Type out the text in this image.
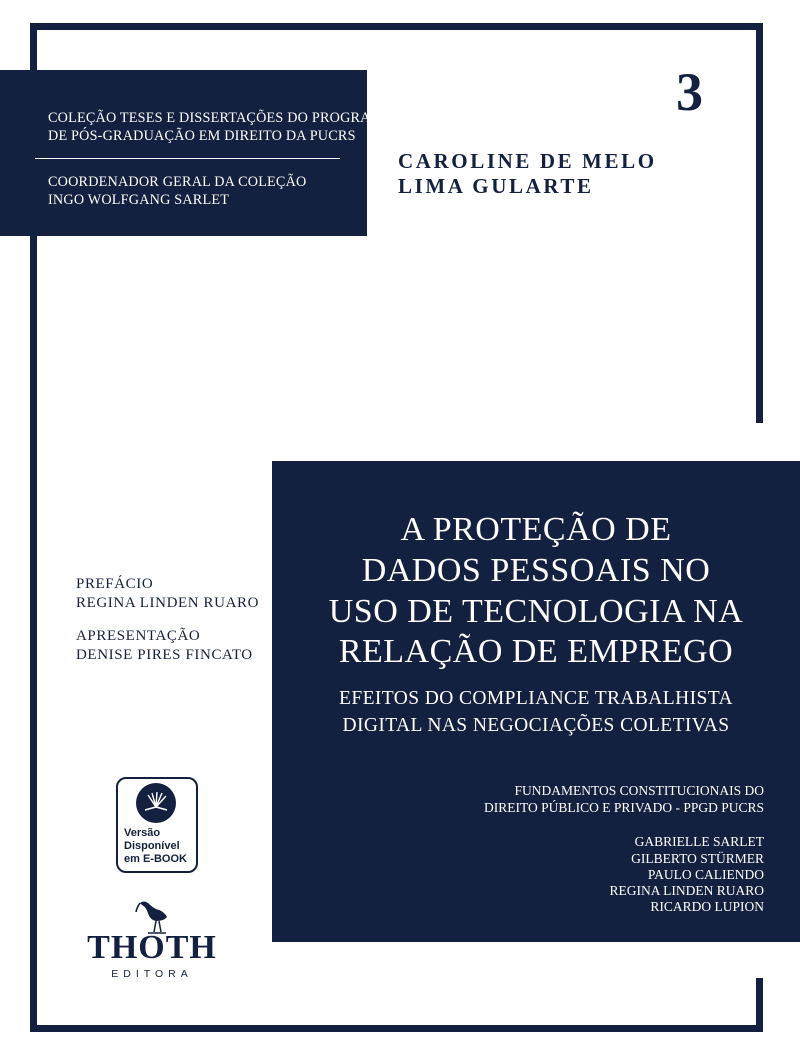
COLEÇÃO TESES E DISSERTAÇÕES DO PROGRAMA
DE PÓS-GRADUAÇÃO EM DIREITO DA PUCRS
COORDENADOR GERAL DA COLEÇÃO
INGO WOLFGANG SARLET
3
CAROLINE DE MELO
LIMA GULARTE
A PROTEÇÃO DE
DADOS PESSOAIS NO
USO DE TECNOLOGIA NA
RELAÇÃO DE EMPREGO
EFEITOS DO COMPLIANCE TRABALHISTA
DIGITAL NAS NEGOCIAÇÕES COLETIVAS
FUNDAMENTOS CONSTITUCIONAIS DO
DIREITO PÚBLICO E PRIVADO - PPGD PUCRS
GABRIELLE SARLET
GILBERTO STÜRMER
PAULO CALIENDO
REGINA LINDEN RUARO
RICARDO LUPION
PREFÁCIO
REGINA LINDEN RUARO
APRESENTAÇÃO
DENISE PIRES FINCATO
Versão
Disponível
em E-BOOK
THOTH
EDITORA
